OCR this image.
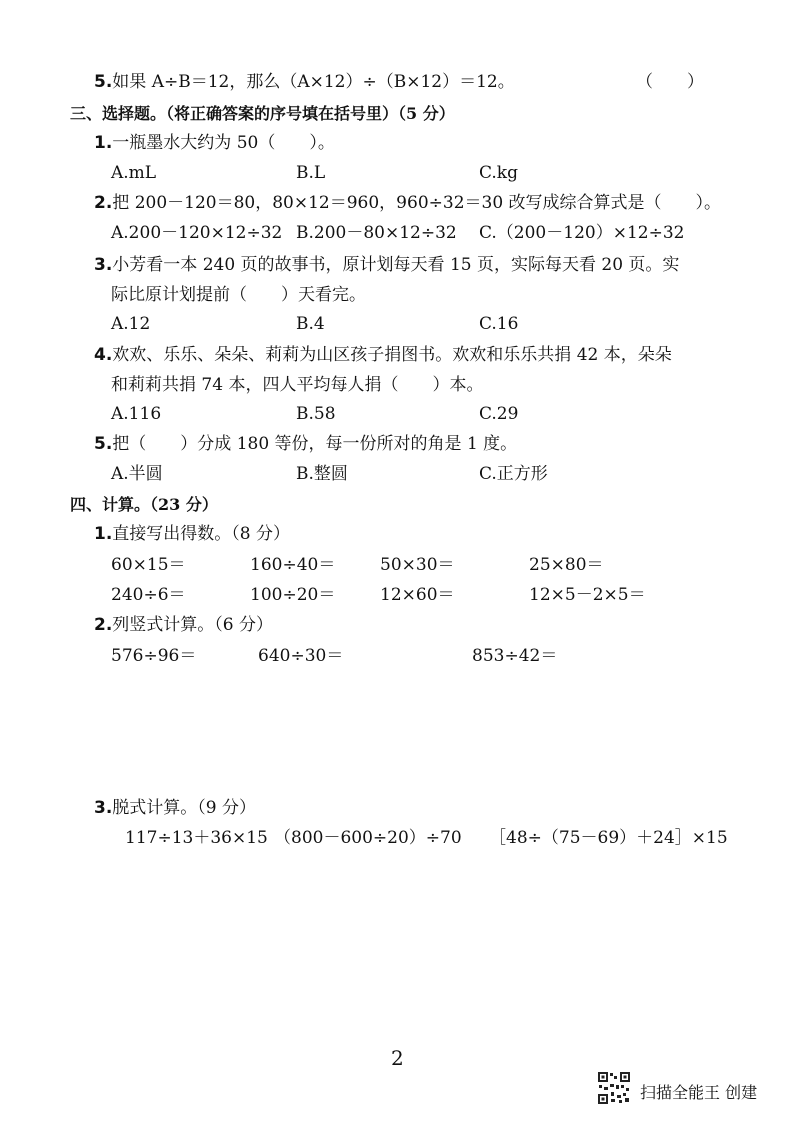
5.如果 A÷B＝12，那么（A×12）÷（B×12）＝12。	（　　）
三、选择题。（将正确答案的序号填在括号里）（5 分）
1.一瓶墨水大约为 50（　　）。
A.mL	B.L	C.kg
2.把 200－120＝80，80×12＝960，960÷32＝30 改写成综合算式是（　　）。
A.200－120×12÷32 B.200－80×12÷32 C.（200－120）×12÷32
3.小芳看一本 240 页的故事书，原计划每天看 15 页，实际每天看 20 页。实
际比原计划提前（　　）天看完。
A.12	B.4	C.16
4.欢欢、乐乐、朵朵、莉莉为山区孩子捐图书。欢欢和乐乐共捐 42 本，朵朵
和莉莉共捐 74 本，四人平均每人捐（　　）本。
A.116	B.58	C.29
5.把（　　）分成 180 等份，每一份所对的角是 1 度。
A.半圆	B.整圆	C.正方形
四、计算。（23 分）
1.直接写出得数。（8 分）
60×15＝	160÷40＝	50×30＝	25×80＝
240÷6＝	100÷20＝	12×60＝	12×5－2×5＝
2.列竖式计算。（6 分）
576÷96＝	640÷30＝	853÷42＝
3.脱式计算。（9 分）
117÷13＋36×15 （800－600÷20）÷70 ［48÷（75－69）＋24］×15
2
扫描全能王 创建
